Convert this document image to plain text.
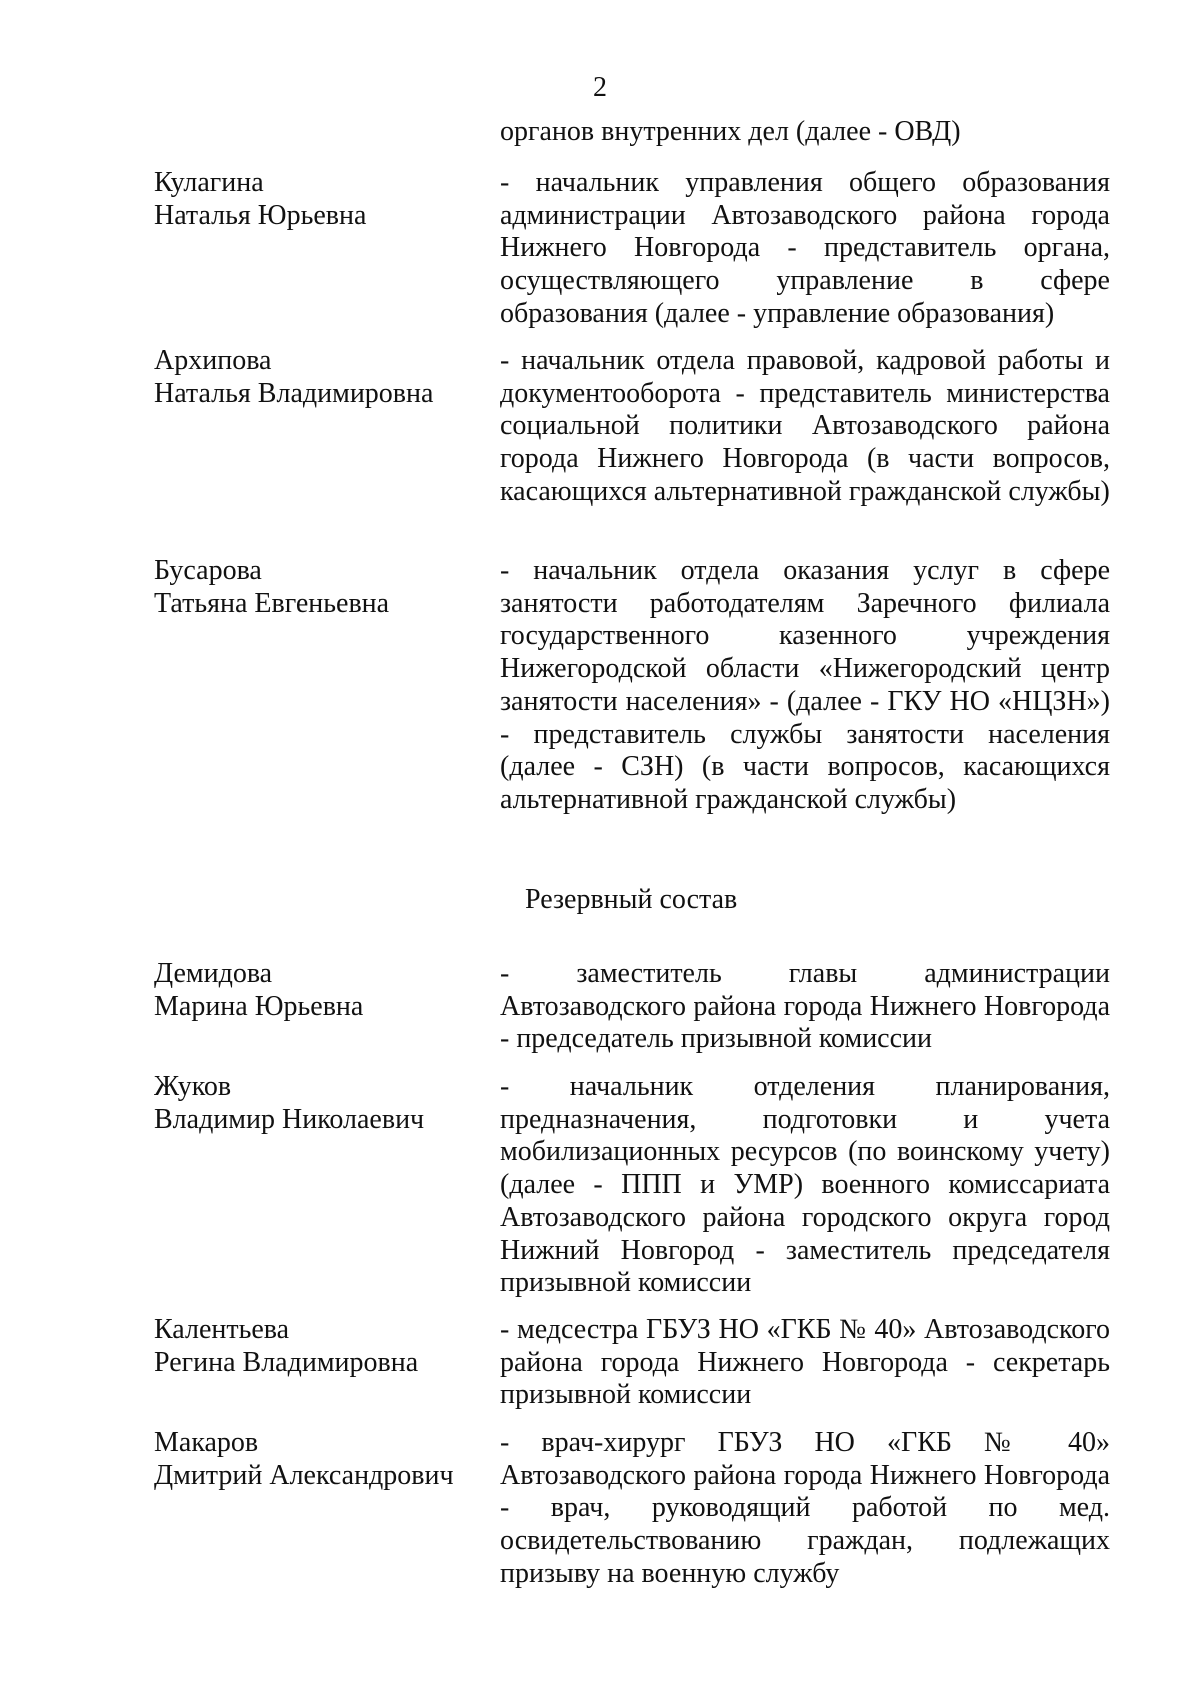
2
органов внутренних дел (далее - ОВД)
Кулагина
Наталья Юрьевна
- начальник управления общего образования администрации Автозаводского района города Нижнего Новгорода - представитель органа, осуществляющего управление в сфере образования (далее - управление образования)
Архипова
Наталья Владимировна
- начальник отдела правовой, кадровой работы и документооборота - представитель министерства социальной политики Автозаводского района города Нижнего Новгорода (в части вопросов, касающихся альтернативной гражданской службы)
Бусарова
Татьяна Евгеньевна
- начальник отдела оказания услуг в сфере занятости работодателям Заречного филиала государственного казенного учреждения Нижегородской области «Нижегородский центр занятости населения» - (далее - ГКУ НО «НЦЗН») - представитель службы занятости населения (далее - СЗН) (в части вопросов, касающихся альтернативной гражданской службы)
Резервный состав
Демидова
Марина Юрьевна
- заместитель главы администрации Автозаводского района города Нижнего Новгорода - председатель призывной комиссии
Жуков
Владимир Николаевич
- начальник отделения планирования, предназначения, подготовки и учета мобилизационных ресурсов (по воинскому учету) (далее - ППП и УМР) военного комиссариата Автозаводского района городского округа город Нижний Новгород - заместитель председателя призывной комиссии
Калентьева
Регина Владимировна
- медсестра ГБУЗ НО «ГКБ № 40» Автозаводского района города Нижнего Новгорода - секретарь призывной комиссии
Макаров
Дмитрий Александрович
- врач-хирург ГБУЗ НО «ГКБ № 40» Автозаводского района города Нижнего Новгорода - врач, руководящий работой по мед. освидетельствованию граждан, подлежащих призыву на военную службу
